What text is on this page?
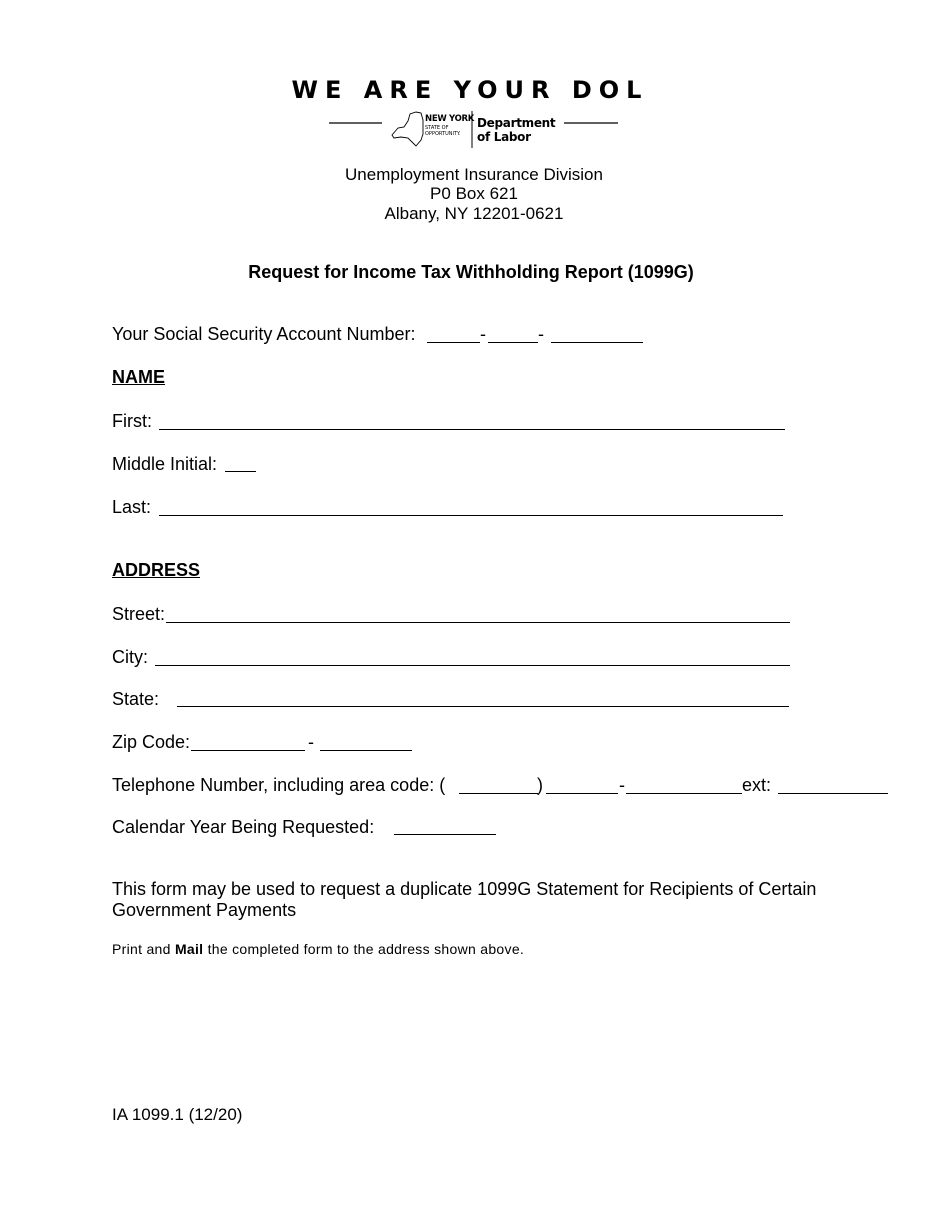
WE ARE YOUR DOL
NEW YORK
STATE OF
OPPORTUNITY.
Department
of Labor
Unemployment Insurance Division
P0 Box 621
Albany, NY 12201-0621
Request for Income Tax Withholding Report (1099G)
Your Social Security Account Number:	-	-
NAME
First:
Middle Initial:
Last:
ADDRESS
Street:
City:
State:
Zip Code:	-
Telephone Number, including area code: (	)	-	ext:
Calendar Year Being Requested:
This form may be used to request a duplicate 1099G Statement for Recipients of Certain Government Payments
Print and Mail the completed form to the address shown above.
IA 1099.1 (12/20)
